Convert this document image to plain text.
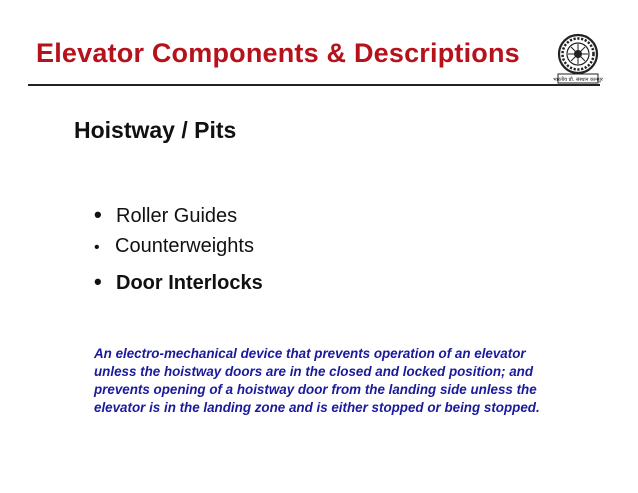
Elevator Components & Descriptions
भारतीय प्रौ. संस्थान कानपुर
Hoistway / Pits
• Roller Guides
• Counterweights
• Door Interlocks
An electro-mechanical device that prevents operation of an elevator
unless the hoistway doors are in the closed and locked position; and
prevents opening of a hoistway door from the landing side unless the
elevator is in the landing zone and is either stopped or being stopped.
